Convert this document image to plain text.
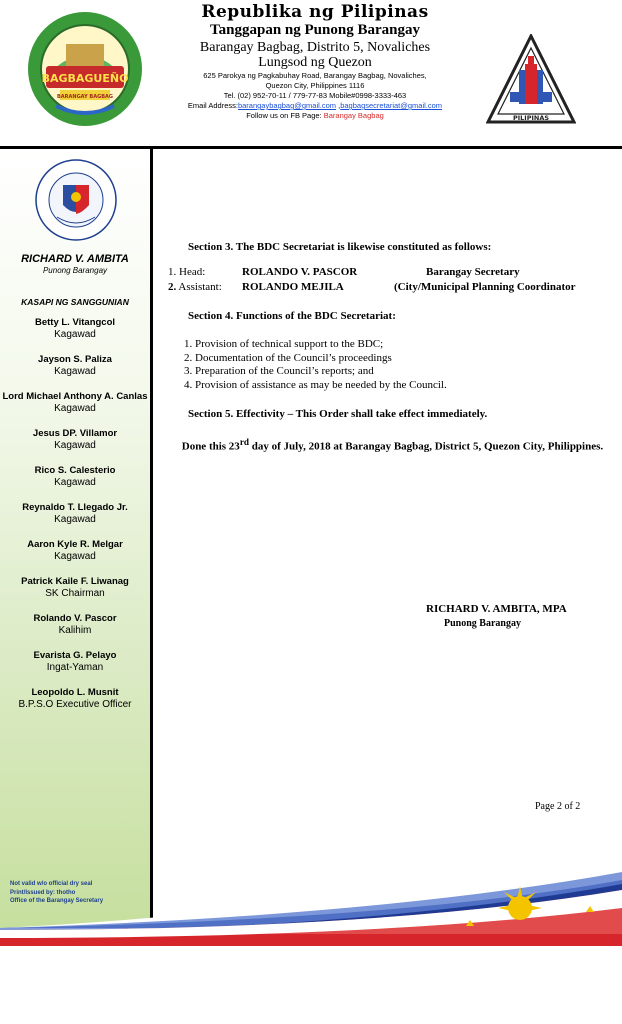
BAGBAGUEÑO
BARANGAY BAGBAG
Republika ng Pilipinas
Tanggapan ng Punong Barangay
Barangay Bagbag, Distrito 5, Novaliches
Lungsod ng Quezon
625 Parokya ng Pagkabuhay Road, Barangay Bagbag, Novaliches,
Quezon City, Philippines 1116
Tel. (02) 952-70-11 / 779-77-83 Mobile#0998-3333-463
Email Address:barangaybagbag@gmail.com ,bagbagsecretariat@gmail.com
Follow us on FB Page: Barangay Bagbag	PILIPINAS
RICHARD V. AMBITA
Punong Barangay
KASAPI NG SANGGUNIAN
Betty L. Vitangcol
Kagawad
Jayson S. Paliza
Kagawad
Lord Michael Anthony A. Canlas
Kagawad
Jesus DP. Villamor
Kagawad
Rico S. Calesterio
Kagawad
Reynaldo T. Llegado Jr.
Kagawad
Aaron Kyle R. Melgar
Kagawad
Patrick Kaile F. Liwanag
SK Chairman
Rolando V. Pascor
Kalihim
Evarista G. Pelayo
Ingat-Yaman
Leopoldo L. Musnit
B.P.S.O Executive Officer
Not valid w/o official dry seal
Print/Issued by: thotho
Office of the Barangay Secretary
Section 3. The BDC Secretariat is likewise constituted as follows:
1. Head:	ROLANDO V. PASCOR	Barangay Secretary
2. Assistant:	ROLANDO MEJILA	(City/Municipal Planning Coordinator
Section 4. Functions of the BDC Secretariat:
1. Provision of technical support to the BDC;
2. Documentation of the Council’s proceedings
3. Preparation of the Council’s reports; and
4. Provision of assistance as may be needed by the Council.
Section 5. Effectivity – This Order shall take effect immediately.
Done this 23rd day of July, 2018 at Barangay Bagbag, District 5, Quezon City, Philippines.
RICHARD V. AMBITA, MPA
Punong Barangay
Page 2 of 2
